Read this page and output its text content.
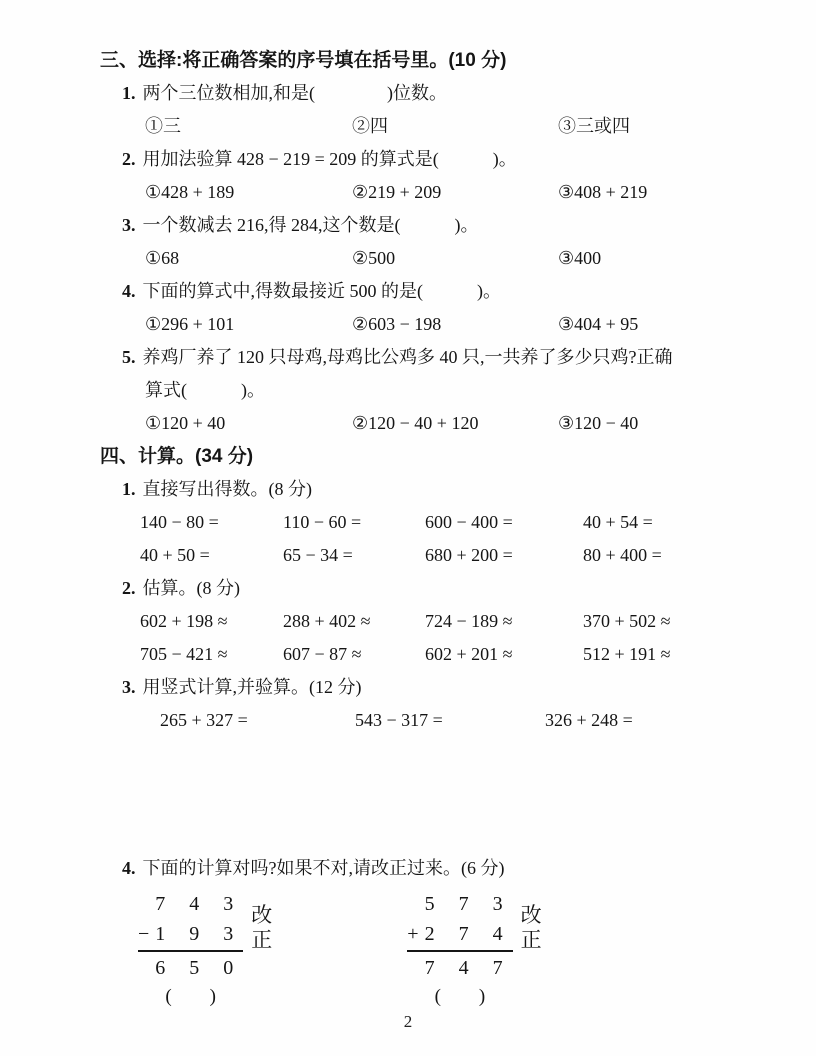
三、选择:将正确答案的序号填在括号里。(10 分)
1. 两个三位数相加,和是(    )位数。
①三	②四	③三或四
2. 用加法验算 428 − 219 = 209 的算式是(   )。
①428 + 189	②219 + 209	③408 + 219
3. 一个数减去 216,得 284,这个数是(   )。
①68	②500	③400
4. 下面的算式中,得数最接近 500 的是(   )。
①296 + 101	②603 − 198	③404 + 95
5. 养鸡厂养了 120 只母鸡,母鸡比公鸡多 40 只,一共养了多少只鸡?正确
算式(   )。
①120 + 40	②120 − 40 + 120	③120 − 40
四、计算。(34 分)
1. 直接写出得数。(8 分)
140 − 80 =	110 − 60 =	600 − 400 =	40 + 54 =
40 + 50 =	65 − 34 =	680 + 200 =	80 + 400 =
2. 估算。(8 分)
602 + 198 ≈	288 + 402 ≈	724 − 189 ≈	370 + 502 ≈
705 − 421 ≈	607 − 87 ≈	602 + 201 ≈	512 + 191 ≈
3. 用竖式计算,并验算。(12 分)
265 + 327 =	543 − 317 =	326 + 248 =
4. 下面的计算对吗?如果不对,请改正过来。(6 分)
7 4 3
− 1 9 3
6 5 0
(  )
改
正
5 7 3
+ 2 7 4
7 4 7
(  )
改
正
2
